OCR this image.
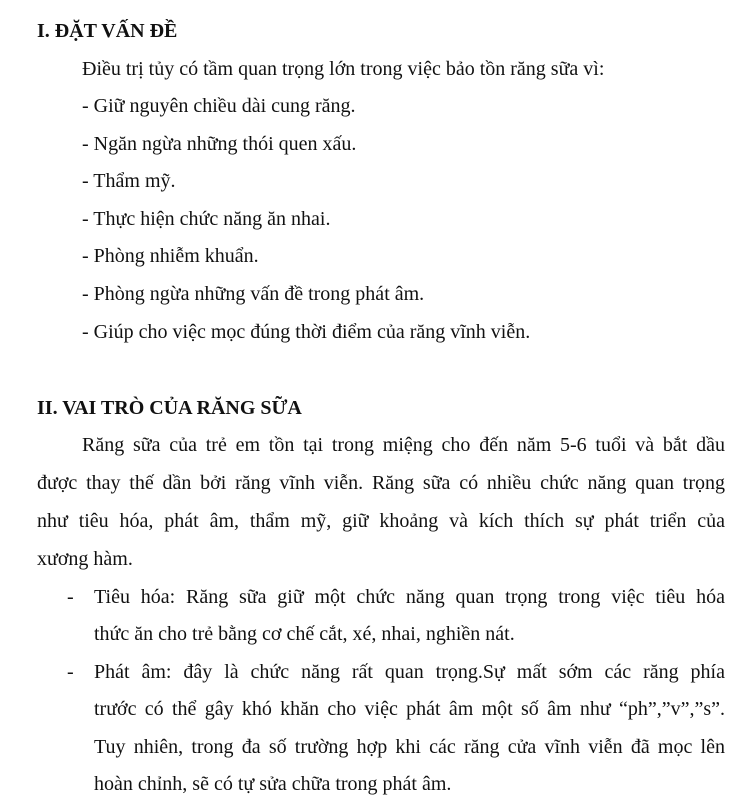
I. ĐẶT VẤN ĐỀ
Điều trị tủy có tầm quan trọng lớn trong việc bảo tồn răng sữa vì:
- Giữ nguyên chiều dài cung răng.
- Ngăn ngừa những thói quen xấu.
- Thẩm mỹ.
- Thực hiện chức năng ăn nhai.
- Phòng nhiễm khuẩn.
- Phòng ngừa những vấn đề trong phát âm.
- Giúp cho việc mọc đúng thời điểm của răng vĩnh viễn.
II. VAI TRÒ CỦA RĂNG SỮA
Răng sữa của trẻ em tồn tại trong miệng cho đến năm 5-6 tuổi và bắt dầu
được thay thế dần bởi răng vĩnh viễn. Răng sữa có nhiều chức năng quan trọng
như tiêu hóa, phát âm, thẩm mỹ, giữ khoảng và kích thích sự phát triển của
xương hàm.
- Tiêu hóa: Răng sữa giữ một chức năng quan trọng trong việc tiêu hóa
thức ăn cho trẻ bằng cơ chế cắt, xé, nhai, nghiền nát.
- Phát âm: đây là chức năng rất quan trọng.Sự mất sớm các răng phía
trước có thể gây khó khăn cho việc phát âm một số âm như “ph”,”v”,”s”.
Tuy nhiên, trong đa số trường hợp khi các răng cửa vĩnh viễn đã mọc lên
hoàn chỉnh, sẽ có tự sửa chữa trong phát âm.
